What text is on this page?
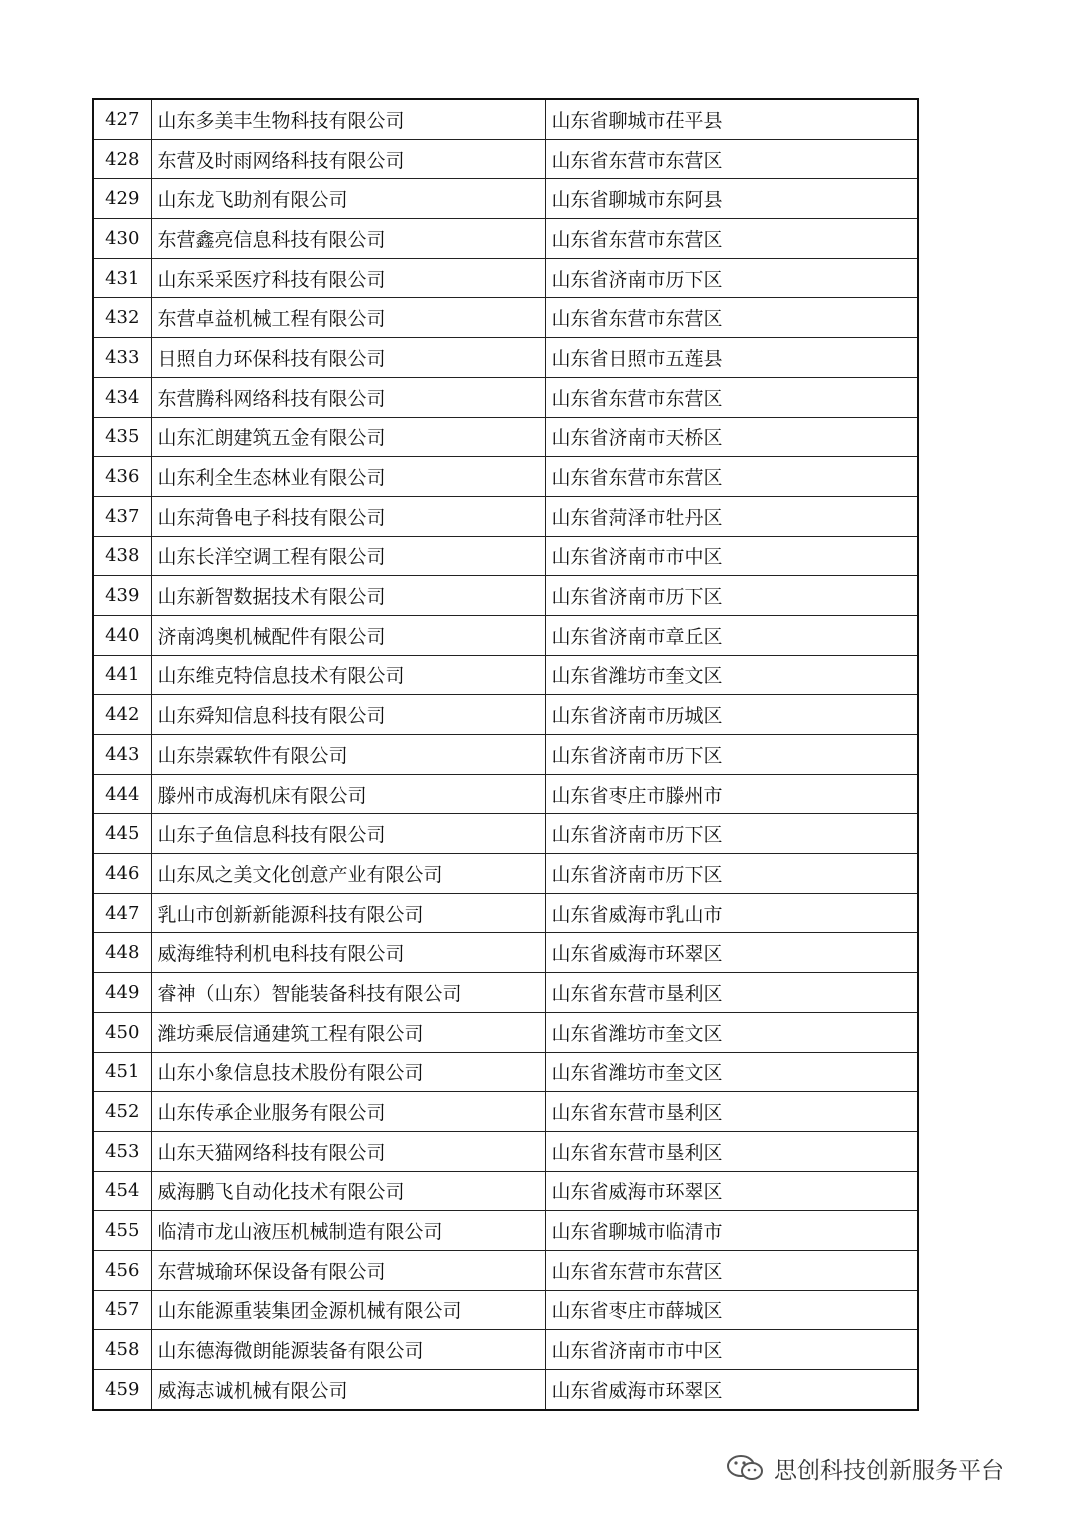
427	山东多美丰生物科技有限公司	山东省聊城市茌平县
428	东营及时雨网络科技有限公司	山东省东营市东营区
429	山东龙飞助剂有限公司	山东省聊城市东阿县
430	东营鑫亮信息科技有限公司	山东省东营市东营区
431	山东采采医疗科技有限公司	山东省济南市历下区
432	东营卓益机械工程有限公司	山东省东营市东营区
433	日照自力环保科技有限公司	山东省日照市五莲县
434	东营腾科网络科技有限公司	山东省东营市东营区
435	山东汇朗建筑五金有限公司	山东省济南市天桥区
436	山东利全生态林业有限公司	山东省东营市东营区
437	山东菏鲁电子科技有限公司	山东省菏泽市牡丹区
438	山东长洋空调工程有限公司	山东省济南市市中区
439	山东新智数据技术有限公司	山东省济南市历下区
440	济南鸿奥机械配件有限公司	山东省济南市章丘区
441	山东维克特信息技术有限公司	山东省潍坊市奎文区
442	山东舜知信息科技有限公司	山东省济南市历城区
443	山东崇霖软件有限公司	山东省济南市历下区
444	滕州市成海机床有限公司	山东省枣庄市滕州市
445	山东子鱼信息科技有限公司	山东省济南市历下区
446	山东凤之美文化创意产业有限公司	山东省济南市历下区
447	乳山市创新新能源科技有限公司	山东省威海市乳山市
448	威海维特利机电科技有限公司	山东省威海市环翠区
449	睿神（山东）智能装备科技有限公司	山东省东营市垦利区
450	潍坊乘辰信通建筑工程有限公司	山东省潍坊市奎文区
451	山东小象信息技术股份有限公司	山东省潍坊市奎文区
452	山东传承企业服务有限公司	山东省东营市垦利区
453	山东天猫网络科技有限公司	山东省东营市垦利区
454	威海鹏飞自动化技术有限公司	山东省威海市环翠区
455	临清市龙山液压机械制造有限公司	山东省聊城市临清市
456	东营城瑜环保设备有限公司	山东省东营市东营区
457	山东能源重装集团金源机械有限公司	山东省枣庄市薛城区
458	山东德海微朗能源装备有限公司	山东省济南市市中区
459	威海志诚机械有限公司	山东省威海市环翠区
思创科技创新服务平台
